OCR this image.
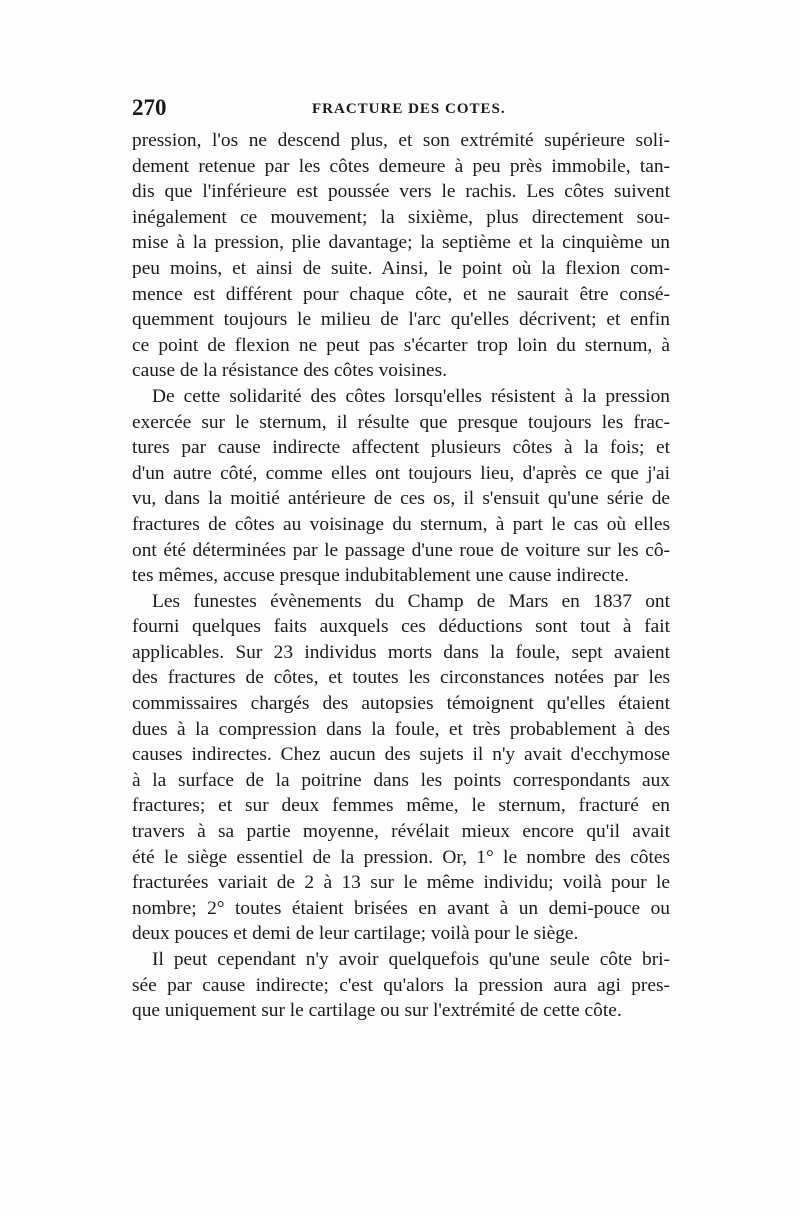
270	FRACTURE DES COTES.

pression, l'os ne descend plus, et son extrémité supérieure soli-
dement retenue par les côtes demeure à peu près immobile, tan-
dis que l'inférieure est poussée vers le rachis. Les côtes suivent
inégalement ce mouvement; la sixième, plus directement sou-
mise à la pression, plie davantage; la septième et la cinquième un
peu moins, et ainsi de suite. Ainsi, le point où la flexion com-
mence est différent pour chaque côte, et ne saurait être consé-
quemment toujours le milieu de l'arc qu'elles décrivent; et enfin
ce point de flexion ne peut pas s'écarter trop loin du sternum, à
cause de la résistance des côtes voisines.

De cette solidarité des côtes lorsqu'elles résistent à la pression
exercée sur le sternum, il résulte que presque toujours les frac-
tures par cause indirecte affectent plusieurs côtes à la fois; et
d'un autre côté, comme elles ont toujours lieu, d'après ce que j'ai
vu, dans la moitié antérieure de ces os, il s'ensuit qu'une série de
fractures de côtes au voisinage du sternum, à part le cas où elles
ont été déterminées par le passage d'une roue de voiture sur les cô-
tes mêmes, accuse presque indubitablement une cause indirecte.

Les funestes évènements du Champ de Mars en 1837 ont
fourni quelques faits auxquels ces déductions sont tout à fait
applicables. Sur 23 individus morts dans la foule, sept avaient
des fractures de côtes, et toutes les circonstances notées par les
commissaires chargés des autopsies témoignent qu'elles étaient
dues à la compression dans la foule, et très probablement à des
causes indirectes. Chez aucun des sujets il n'y avait d'ecchymose
à la surface de la poitrine dans les points correspondants aux
fractures; et sur deux femmes même, le sternum, fracturé en
travers à sa partie moyenne, révélait mieux encore qu'il avait
été le siège essentiel de la pression. Or, 1° le nombre des côtes
fracturées variait de 2 à 13 sur le même individu; voilà pour le
nombre; 2° toutes étaient brisées en avant à un demi-pouce ou
deux pouces et demi de leur cartilage; voilà pour le siège.

Il peut cependant n'y avoir quelquefois qu'une seule côte bri-
sée par cause indirecte; c'est qu'alors la pression aura agi pres-
que uniquement sur le cartilage ou sur l'extrémité de cette côte.
